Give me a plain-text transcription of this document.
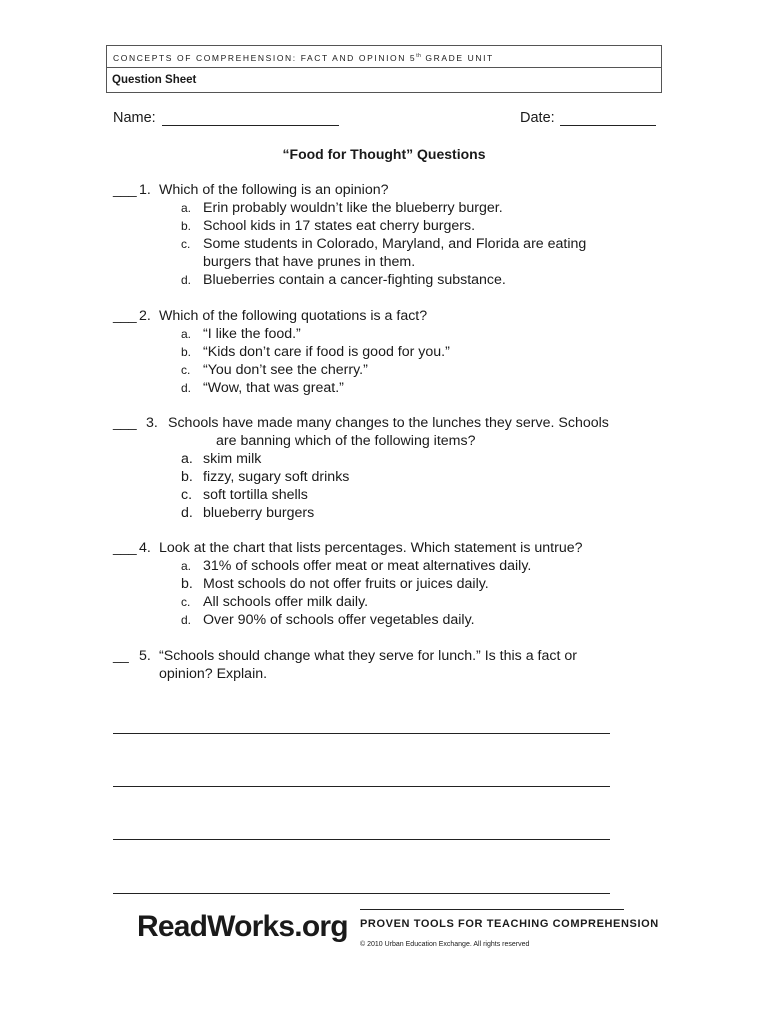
CONCEPTS OF COMPREHENSION: FACT AND OPINION 5th GRADE UNIT
Question Sheet
Name:	Date:
“Food for Thought” Questions
___ 1. Which of the following is an opinion?
a. Erin probably wouldn’t like the blueberry burger.
b. School kids in 17 states eat cherry burgers.
c. Some students in Colorado, Maryland, and Florida are eating
burgers that have prunes in them.
d. Blueberries contain a cancer-fighting substance.
___ 2. Which of the following quotations is a fact?
a. “I like the food.”
b. “Kids don’t care if food is good for you.”
c. “You don’t see the cherry.”
d. “Wow, that was great.”
___ 3. Schools have made many changes to the lunches they serve. Schools
are banning which of the following items?
a. skim milk
b. fizzy, sugary soft drinks
c. soft tortilla shells
d. blueberry burgers
___ 4. Look at the chart that lists percentages. Which statement is untrue?
a. 31% of schools offer meat or meat alternatives daily.
b. Most schools do not offer fruits or juices daily.
c. All schools offer milk daily.
d. Over 90% of schools offer vegetables daily.
__ 5. “Schools should change what they serve for lunch.” Is this a fact or
opinion? Explain.
ReadWorks.org PROVEN TOOLS FOR TEACHING COMPREHENSION
© 2010 Urban Education Exchange. All rights reserved
